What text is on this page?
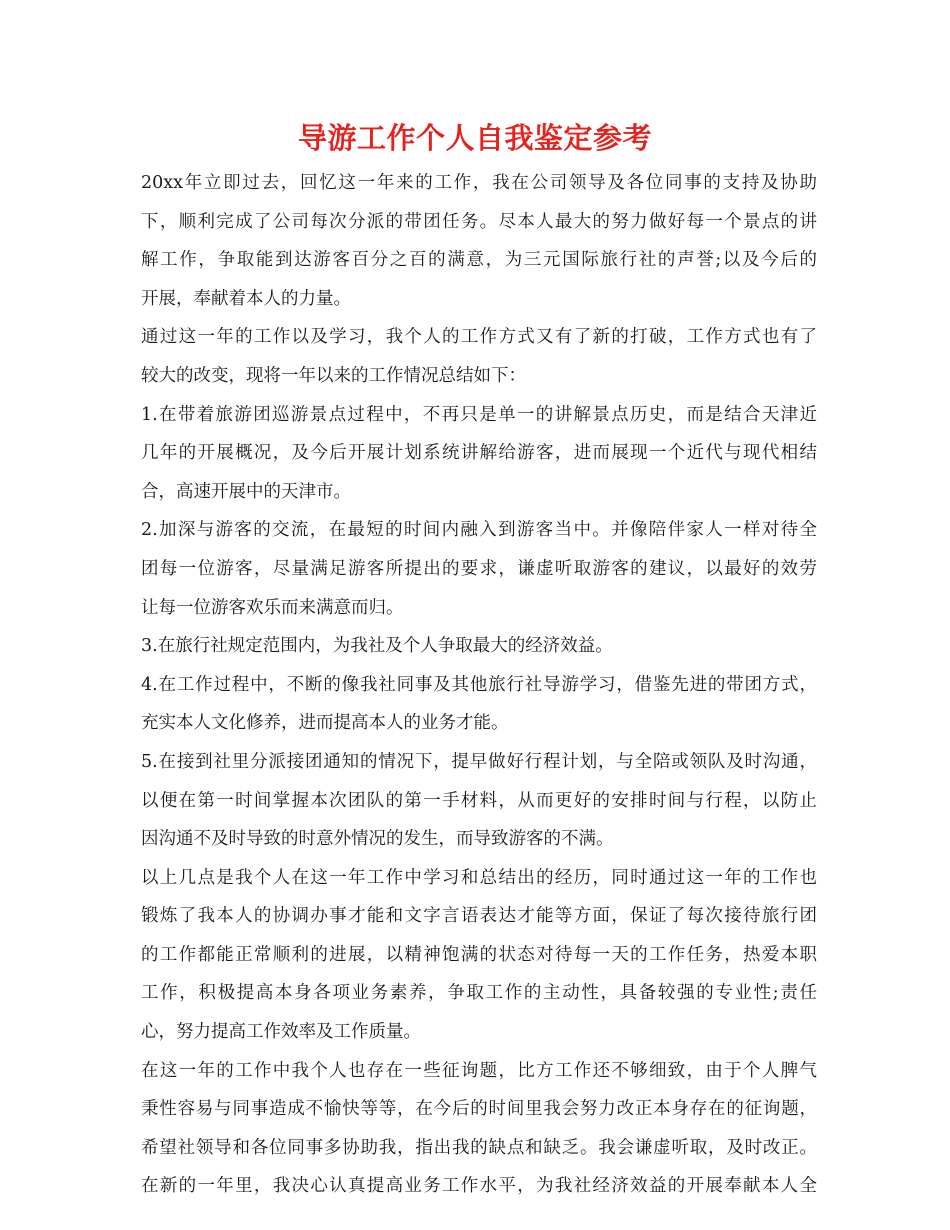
导游工作个人自我鉴定参考
20xx年立即过去，回忆这一年来的工作，我在公司领导及各位同事的支持及协助
下，顺利完成了公司每次分派的带团任务。尽本人最大的努力做好每一个景点的讲
解工作，争取能到达游客百分之百的满意，为三元国际旅行社的声誉;以及今后的
开展，奉献着本人的力量。
通过这一年的工作以及学习，我个人的工作方式又有了新的打破，工作方式也有了
较大的改变，现将一年以来的工作情况总结如下：
1.在带着旅游团巡游景点过程中，不再只是单一的讲解景点历史，而是结合天津近
几年的开展概况，及今后开展计划系统讲解给游客，进而展现一个近代与现代相结
合，高速开展中的天津市。
2.加深与游客的交流，在最短的时间内融入到游客当中。并像陪伴家人一样对待全
团每一位游客，尽量满足游客所提出的要求，谦虚听取游客的建议，以最好的效劳
让每一位游客欢乐而来满意而归。
3.在旅行社规定范围内，为我社及个人争取最大的经济效益。
4.在工作过程中，不断的像我社同事及其他旅行社导游学习，借鉴先进的带团方式，
充实本人文化修养，进而提高本人的业务才能。
5.在接到社里分派接团通知的情况下，提早做好行程计划，与全陪或领队及时沟通，
以便在第一时间掌握本次团队的第一手材料，从而更好的安排时间与行程，以防止
因沟通不及时导致的时意外情况的发生，而导致游客的不满。
以上几点是我个人在这一年工作中学习和总结出的经历，同时通过这一年的工作也
锻炼了我本人的协调办事才能和文字言语表达才能等方面，保证了每次接待旅行团
的工作都能正常顺利的进展，以精神饱满的状态对待每一天的工作任务，热爱本职
工作，积极提高本身各项业务素养，争取工作的主动性，具备较强的专业性;责任
心，努力提高工作效率及工作质量。
在这一年的工作中我个人也存在一些征询题，比方工作还不够细致，由于个人脾气
秉性容易与同事造成不愉快等等，在今后的时间里我会努力改正本身存在的征询题，
希望社领导和各位同事多协助我，指出我的缺点和缺乏。我会谦虚听取，及时改正。
在新的一年里，我决心认真提高业务工作水平，为我社经济效益的开展奉献本人全
